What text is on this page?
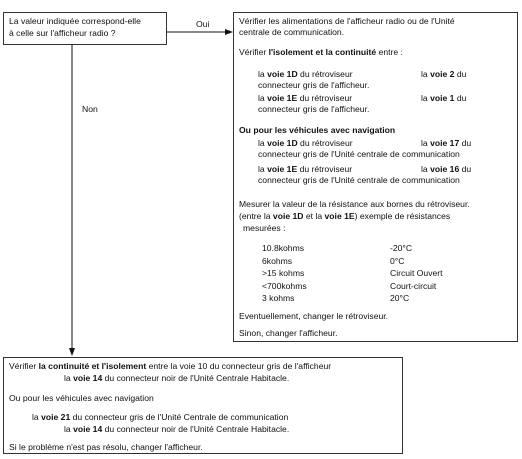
La valeur indiquée correspond-elle
à celle sur l'afficheur radio ?
Oui
Non
Vérifier les alimentations de l'afficheur radio ou de l'Unité
centrale de communication.
Vérifier l'isolement et la continuité entre :
la voie 1D du rétroviseur	la voie 2 du
connecteur gris de l'afficheur.
la voie 1E du rétroviseur	la voie 1 du
connecteur gris de l'afficheur.
Ou pour les véhicules avec navigation
la voie 1D du rétroviseur	la voie 17 du
connecteur gris de l'Unité centrale de communication
la voie 1E du rétroviseur	la voie 16 du
connecteur gris de l'Unité centrale de communication
Mesurer la valeur de la résistance aux bornes du rétroviseur.
(entre la voie 1D et la voie 1E) exemple de résistances
mesurées :
10.8kohms	-20°C
6kohms	0°C
>15 kohms	Circuit Ouvert
<700kohms	Court-circuit
3 kohms	20°C
Eventuellement, changer le rétroviseur.
Sinon, changer l'afficheur.
Vérifier la continuité et l'isolement entre la voie 10 du connecteur gris de l'afficheur
la voie 14 du connecteur noir de l'Unité Centrale Habitacle.
Ou pour les véhicules avec navigation
la voie 21 du connecteur gris de l'Unité Centrale de communication
la voie 14 du connecteur noir de l'Unité Centrale Habitacle.
Si le problème n'est pas résolu, changer l'afficheur.
